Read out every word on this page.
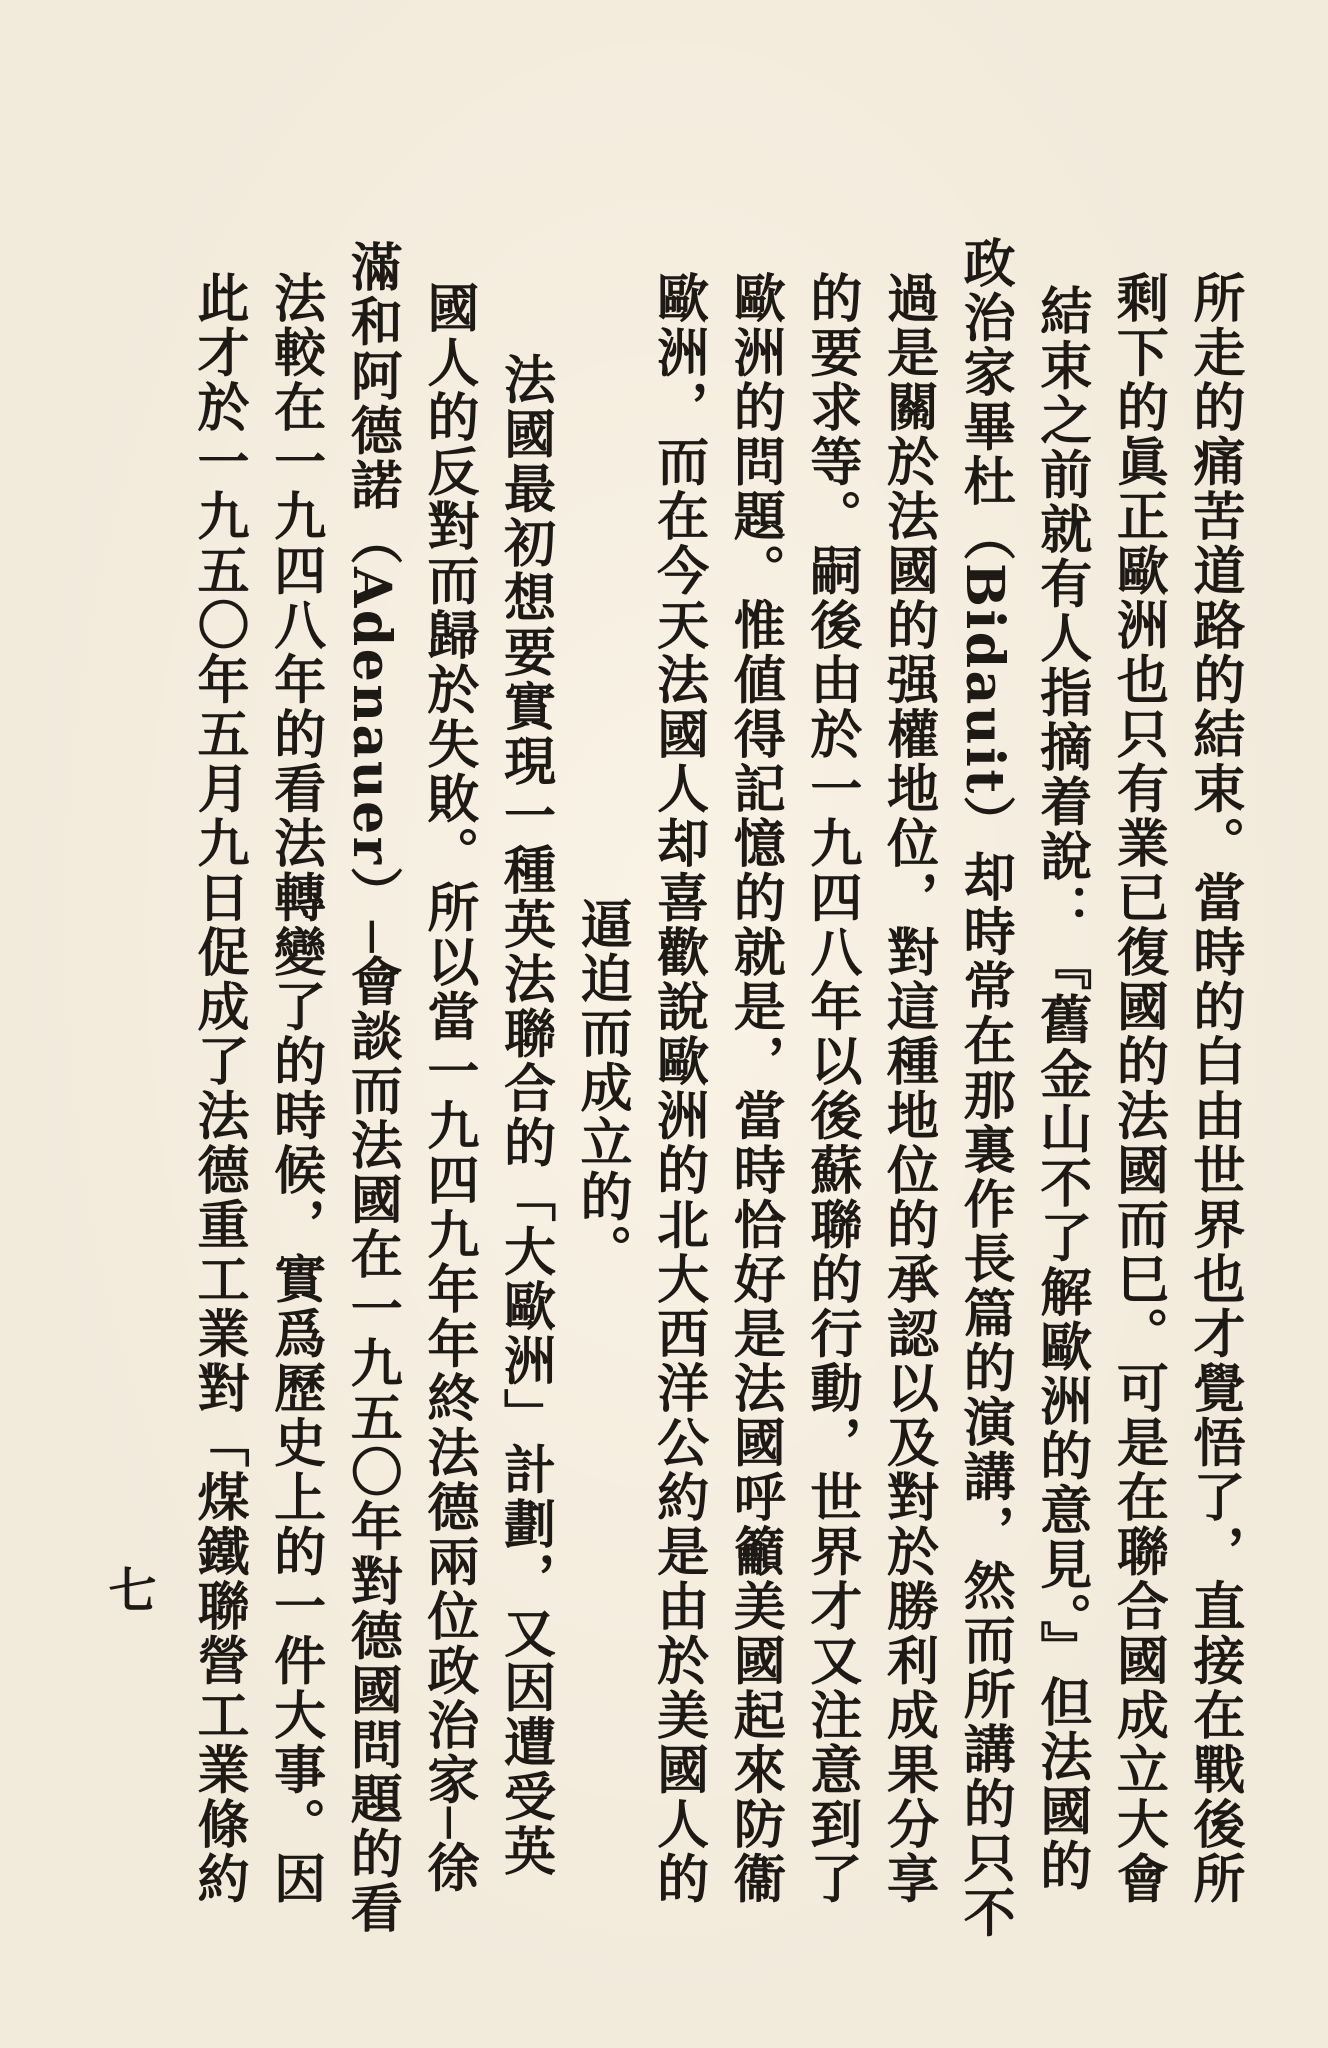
所走的痛苦道路的結束。當時的白由世界也才覺悟了，直接在戰後所
剩下的眞正歐洲也只有業已復國的法國而巳。可是在聯合國成立大會
結束之前就有人指摘着說：『舊金山不了解歐洲的意見。』但法國的
政治家畢杜（Bidauit）却時常在那裏作長篇的演講，然而所講的只不
過是關於法國的强權地位，對這種地位的承認以及對於勝利成果分享
的要求等。嗣後由於一九四八年以後蘇聯的行動，世界才又注意到了
歐洲的問題。惟値得記憶的就是，當時恰好是法國呼籲美國起來防衞
歐洲，而在今天法國人却喜歡說歐洲的北大西洋公約是由於美國人的
逼迫而成立的。
　法國最初想要實現一種英法聯合的「大歐洲」計劃，又因遭受英
國人的反對而歸於失敗。所以當一九四九年年終法德兩位政治家─徐
滿和阿德諾（Adenauer）─會談而法國在一九五〇年對德國問題的看
法較在一九四八年的看法轉變了的時候，實爲歷史上的一件大事。因
此才於一九五〇年五月九日促成了法德重工業對「煤鐵聯營工業條約
七
